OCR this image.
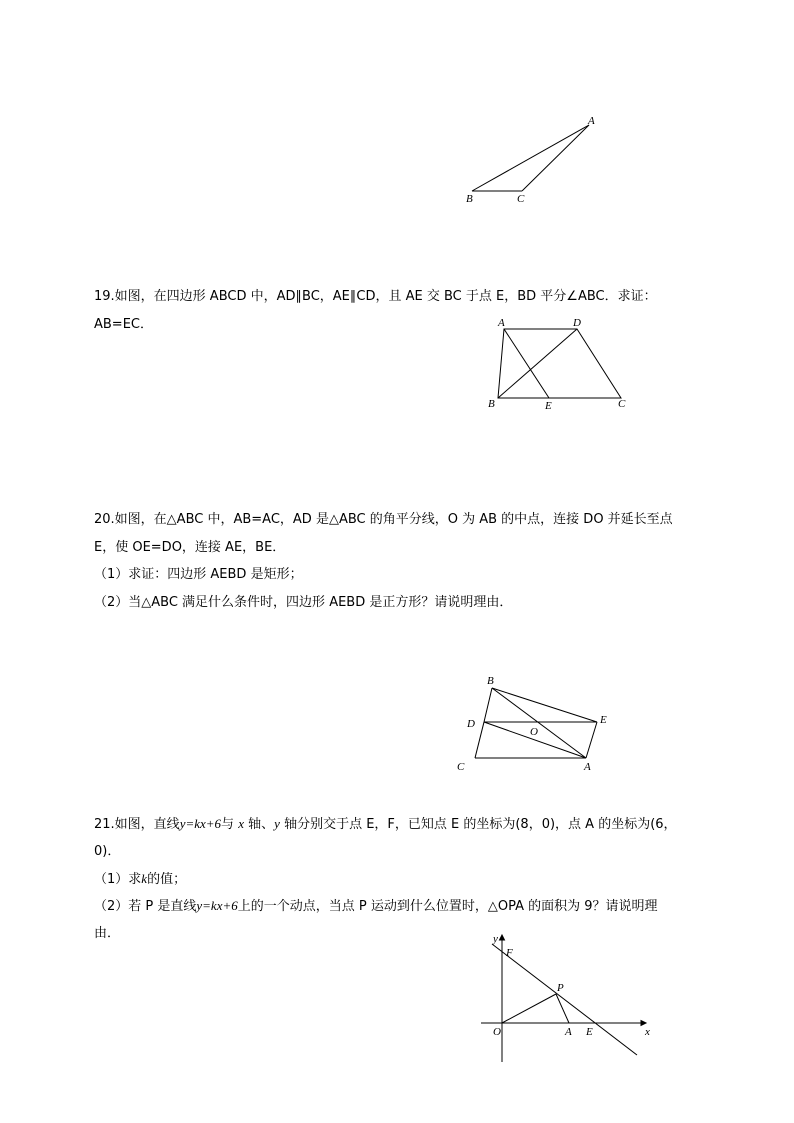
A
B	C
19.如图，在四边形 ABCD 中，AD∥BC，AE∥CD，且 AE 交 BC 于点 E，BD 平分∠ABC．求证：
AB=EC．	A	D
B	E	C
20.如图，在△ABC 中，AB=AC，AD 是△ABC 的角平分线，O 为 AB 的中点，连接 DO 并延长至点
E，使 OE=DO，连接 AE，BE．
（1）求证：四边形 AEBD 是矩形；
（2）当△ABC 满足什么条件时，四边形 AEBD 是正方形？请说明理由．
B
D
O
E
C	A
21.如图，直线y=kx+6与 x 轴、y 轴分别交于点 E，F，已知点 E 的坐标为(8，0)，点 A 的坐标为(6，
0)．
（1）求k的值；
（2）若 P 是直线y=kx+6上的一个动点，当点 P 运动到什么位置时，△OPA 的面积为 9？请说明理
由．	y
F
P
O	A E	x
